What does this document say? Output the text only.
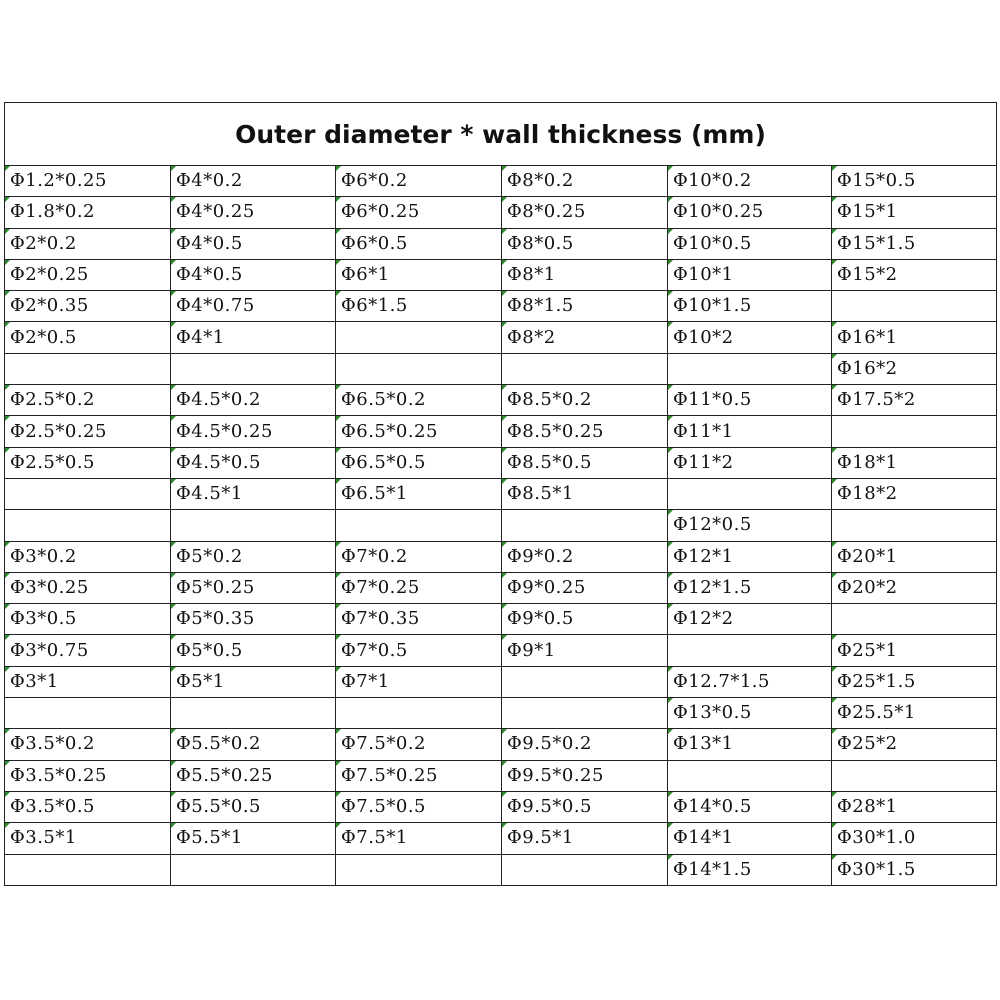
Outer diameter * wall thickness (mm)					
Φ1.2*0.25	Φ4*0.2	Φ6*0.2	Φ8*0.2	Φ10*0.2	Φ15*0.5
Φ1.8*0.2	Φ4*0.25	Φ6*0.25	Φ8*0.25	Φ10*0.25	Φ15*1
Φ2*0.2	Φ4*0.5	Φ6*0.5	Φ8*0.5	Φ10*0.5	Φ15*1.5
Φ2*0.25	Φ4*0.5	Φ6*1	Φ8*1	Φ10*1	Φ15*2
Φ2*0.35	Φ4*0.75	Φ6*1.5	Φ8*1.5	Φ10*1.5	
Φ2*0.5	Φ4*1		Φ8*2	Φ10*2	Φ16*1
					Φ16*2
Φ2.5*0.2	Φ4.5*0.2	Φ6.5*0.2	Φ8.5*0.2	Φ11*0.5	Φ17.5*2
Φ2.5*0.25	Φ4.5*0.25	Φ6.5*0.25	Φ8.5*0.25	Φ11*1	
Φ2.5*0.5	Φ4.5*0.5	Φ6.5*0.5	Φ8.5*0.5	Φ11*2	Φ18*1
	Φ4.5*1	Φ6.5*1	Φ8.5*1		Φ18*2
				Φ12*0.5	
Φ3*0.2	Φ5*0.2	Φ7*0.2	Φ9*0.2	Φ12*1	Φ20*1
Φ3*0.25	Φ5*0.25	Φ7*0.25	Φ9*0.25	Φ12*1.5	Φ20*2
Φ3*0.5	Φ5*0.35	Φ7*0.35	Φ9*0.5	Φ12*2	
Φ3*0.75	Φ5*0.5	Φ7*0.5	Φ9*1		Φ25*1
Φ3*1	Φ5*1	Φ7*1		Φ12.7*1.5	Φ25*1.5
				Φ13*0.5	Φ25.5*1
Φ3.5*0.2	Φ5.5*0.2	Φ7.5*0.2	Φ9.5*0.2	Φ13*1	Φ25*2
Φ3.5*0.25	Φ5.5*0.25	Φ7.5*0.25	Φ9.5*0.25		
Φ3.5*0.5	Φ5.5*0.5	Φ7.5*0.5	Φ9.5*0.5	Φ14*0.5	Φ28*1
Φ3.5*1	Φ5.5*1	Φ7.5*1	Φ9.5*1	Φ14*1	Φ30*1.0
				Φ14*1.5	Φ30*1.5
